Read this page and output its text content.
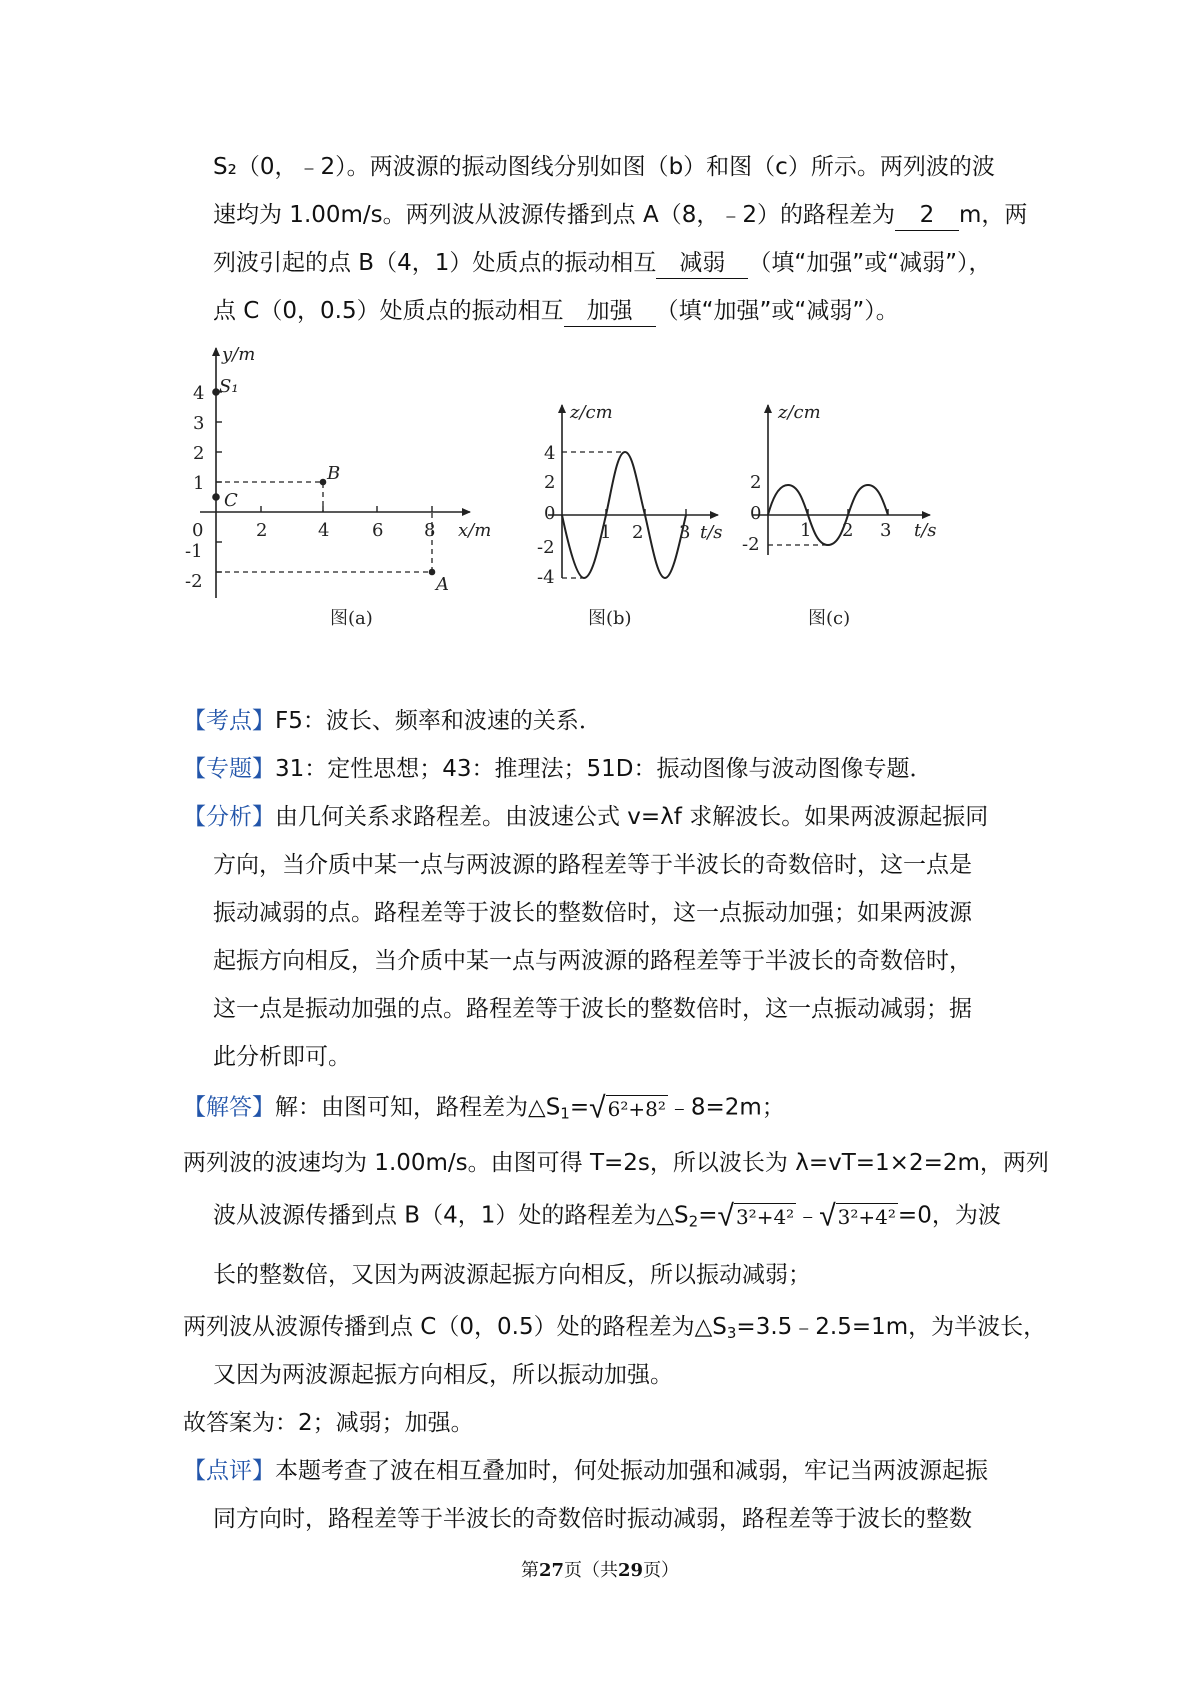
S₂（0，﹣2）。两波源的振动图线分别如图（b）和图（c）所示。两列波的波
速均为 1.00m/s。两列波从波源传播到点 A（8，﹣2）的路程差为 2 m，两
列波引起的点 B（4，1）处质点的振动相互 减弱 （填“加强”或“减弱”），
点 C（0，0.5）处质点的振动相互 加强 （填“加强”或“减弱”）。
y/m
S₁
4
3
2
1
C
0
-1
-2
B
2	4 6 8 x/m
A
图(a)
z/cm
4
2
0
-2
-4
1 2 3 t/s
图(b)
z/cm
2
0
-2
1 2 3 t/s
图(c)
【考点】F5：波长、频率和波速的关系．
【专题】31：定性思想；43：推理法；51D：振动图像与波动图像专题．
【分析】由几何关系求路程差。由波速公式 v=λf 求解波长。如果两波源起振同
方向，当介质中某一点与两波源的路程差等于半波长的奇数倍时，这一点是
振动减弱的点。路程差等于波长的整数倍时，这一点振动加强；如果两波源
起振方向相反，当介质中某一点与两波源的路程差等于半波长的奇数倍时，
这一点是振动加强的点。路程差等于波长的整数倍时，这一点振动减弱；据
此分析即可。
【解答】解：由图可知，路程差为$\triangle S_1=√$ 6²+8²﹣8=2m；
两列波的波速均为 1.00m/s。由图可得 T=2s，所以波长为 λ=vT=1×2=2m，两列
波从波源传播到点 B（4，1）处的路程差为$\triangle S_2=√$ 3²+4²﹣√ 3²+4²=0，为波
长的整数倍，又因为两波源起振方向相反，所以振动减弱；
两列波从波源传播到点 C（0，0.5）处的路程差为$\triangle S_3=3.5﹣2.5=1m$，为半波长，
又因为两波源起振方向相反，所以振动加强。
故答案为：2；减弱；加强。
【点评】本题考查了波在相互叠加时，何处振动加强和减弱，牢记当两波源起振
同方向时，路程差等于半波长的奇数倍时振动减弱，路程差等于波长的整数
第27页（共29页）
